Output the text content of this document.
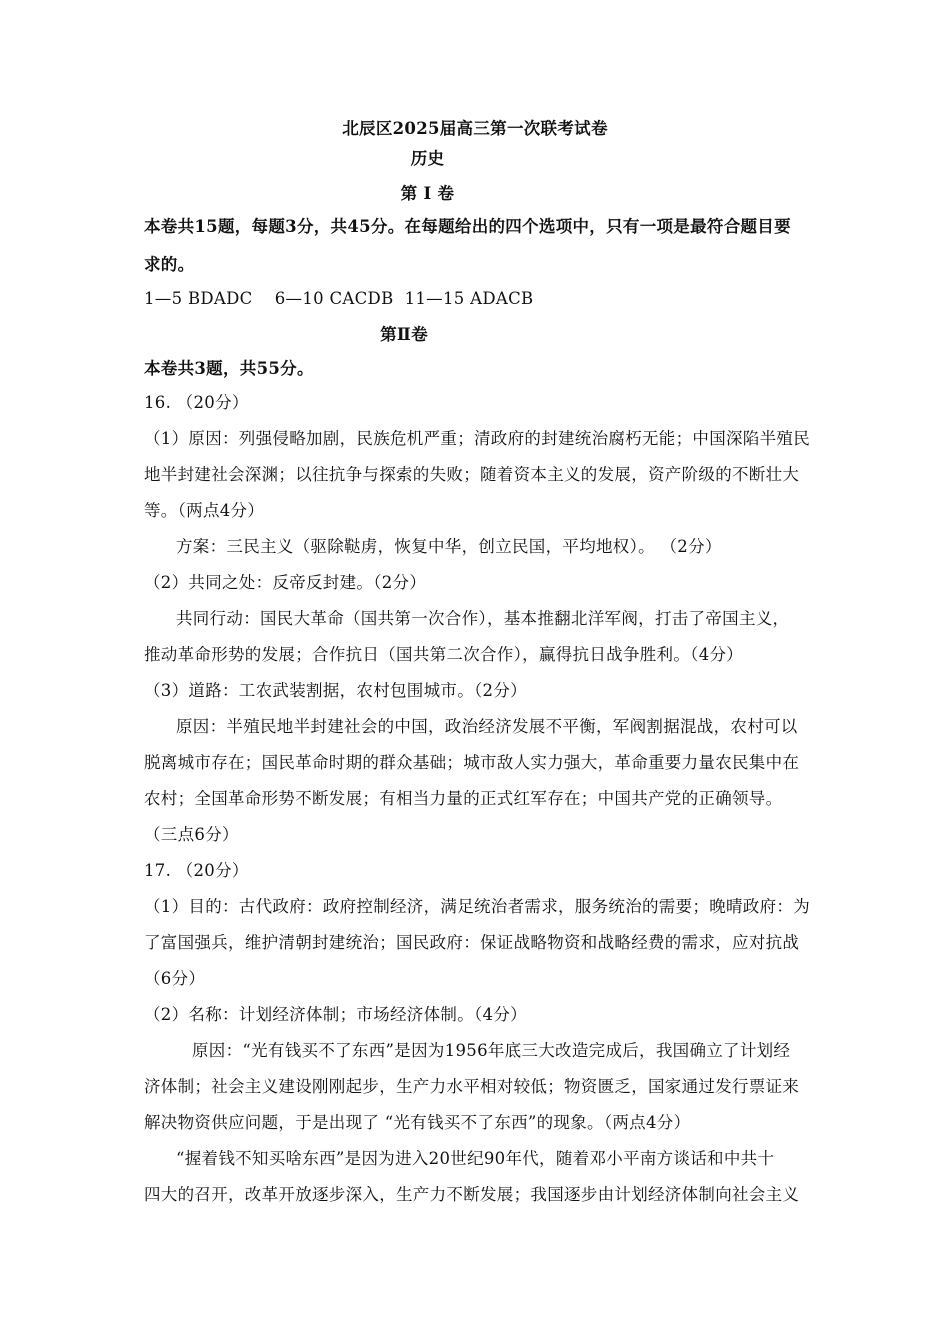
北辰区2025届高三第一次联考试卷
历史
第 I 卷
本卷共15题，每题3分，共45分。在每题给出的四个选项中，只有一项是最符合题目要
求的。
1—5 BDADC    6—10 CACDB  11—15 ADACB
第Ⅱ卷
本卷共3题，共55分。
16. （20分）
（1）原因：列强侵略加剧，民族危机严重；清政府的封建统治腐朽无能；中国深陷半殖民
地半封建社会深渊；以往抗争与探索的失败；随着资本主义的发展，资产阶级的不断壮大
等。（两点4分）
方案：三民主义（驱除鞑虏，恢复中华，创立民国，平均地权）。 （2分）
（2）共同之处：反帝反封建。（2分）
共同行动：国民大革命（国共第一次合作），基本推翻北洋军阀，打击了帝国主义，
推动革命形势的发展；合作抗日（国共第二次合作），赢得抗日战争胜利。（4分）
（3）道路：工农武装割据，农村包围城市。（2分）
原因：半殖民地半封建社会的中国，政治经济发展不平衡，军阀割据混战，农村可以
脱离城市存在；国民革命时期的群众基础；城市敌人实力强大，革命重要力量农民集中在
农村；全国革命形势不断发展；有相当力量的正式红军存在；中国共产党的正确领导。
（三点6分）
17. （20分）
（1）目的：古代政府：政府控制经济，满足统治者需求，服务统治的需要；晚晴政府：为
了富国强兵，维护清朝封建统治；国民政府：保证战略物资和战略经费的需求，应对抗战
（6分）
（2）名称：计划经济体制；市场经济体制。（4分）
原因：“光有钱买不了东西”是因为1956年底三大改造完成后，我国确立了计划经
济体制；社会主义建设刚刚起步，生产力水平相对较低；物资匮乏，国家通过发行票证来
解决物资供应问题，于是出现了 “光有钱买不了东西”的现象。（两点4分）
“握着钱不知买啥东西”是因为进入20世纪90年代，随着邓小平南方谈话和中共十
四大的召开，改革开放逐步深入，生产力不断发展；我国逐步由计划经济体制向社会主义
